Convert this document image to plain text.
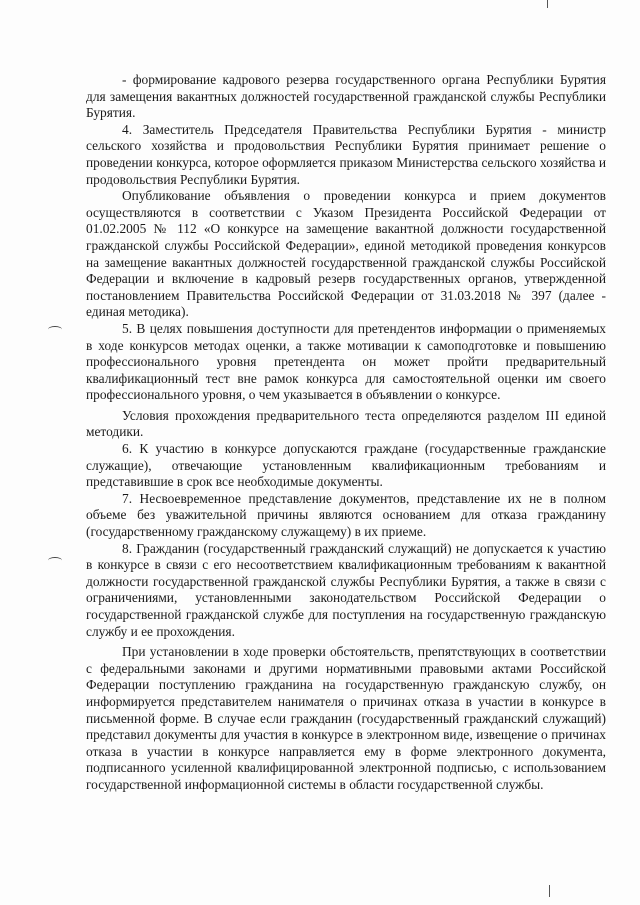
- формирование кадрового резерва государственного органа Республики Бурятия для замещения вакантных должностей государственной гражданской службы Республики Бурятия.

4. Заместитель Председателя Правительства Республики Бурятия - министр сельского хозяйства и продовольствия Республики Бурятия принимает решение о проведении конкурса, которое оформляется приказом Министерства сельского хозяйства и продовольствия Республики Бурятия.

Опубликование объявления о проведении конкурса и прием документов осуществляются в соответствии с Указом Президента Российской Федерации от 01.02.2005 № 112 «О конкурсе на замещение вакантной должности государственной гражданской службы Российской Федерации», единой методикой проведения конкурсов на замещение вакантных должностей государственной гражданской службы Российской Федерации и включение в кадровый резерв государственных органов, утвержденной постановлением Правительства Российской Федерации от 31.03.2018 № 397 (далее - единая методика).

5. В целях повышения доступности для претендентов информации о применяемых в ходе конкурсов методах оценки, а также мотивации к самоподготовке и повышению профессионального уровня претендента он может пройти предварительный квалификационный тест вне рамок конкурса для самостоятельной оценки им своего профессионального уровня, о чем указывается в объявлении о конкурсе.

Условия прохождения предварительного теста определяются разделом III единой методики.

6. К участию в конкурсе допускаются граждане (государственные гражданские служащие), отвечающие установленным квалификационным требованиям и представившие в срок все необходимые документы.

7. Несвоевременное представление документов, представление их не в полном объеме без уважительной причины являются основанием для отказа гражданину (государственному гражданскому служащему) в их приеме.

8. Гражданин (государственный гражданский служащий) не допускается к участию в конкурсе в связи с его несоответствием квалификационным требованиям к вакантной должности государственной гражданской службы Республики Бурятия, а также в связи с ограничениями, установленными законодательством Российской Федерации о государственной гражданской службе для поступления на государственную гражданскую службу и ее прохождения.

При установлении в ходе проверки обстоятельств, препятствующих в соответствии с федеральными законами и другими нормативными правовыми актами Российской Федерации поступлению гражданина на государственную гражданскую службу, он информируется представителем нанимателя о причинах отказа в участии в конкурсе в письменной форме. В случае если гражданин (государственный гражданский служащий) представил документы для участия в конкурсе в электронном виде, извещение о причинах отказа в участии в конкурсе направляется ему в форме электронного документа, подписанного усиленной квалифицированной электронной подписью, с использованием государственной информационной системы в области государственной службы.
